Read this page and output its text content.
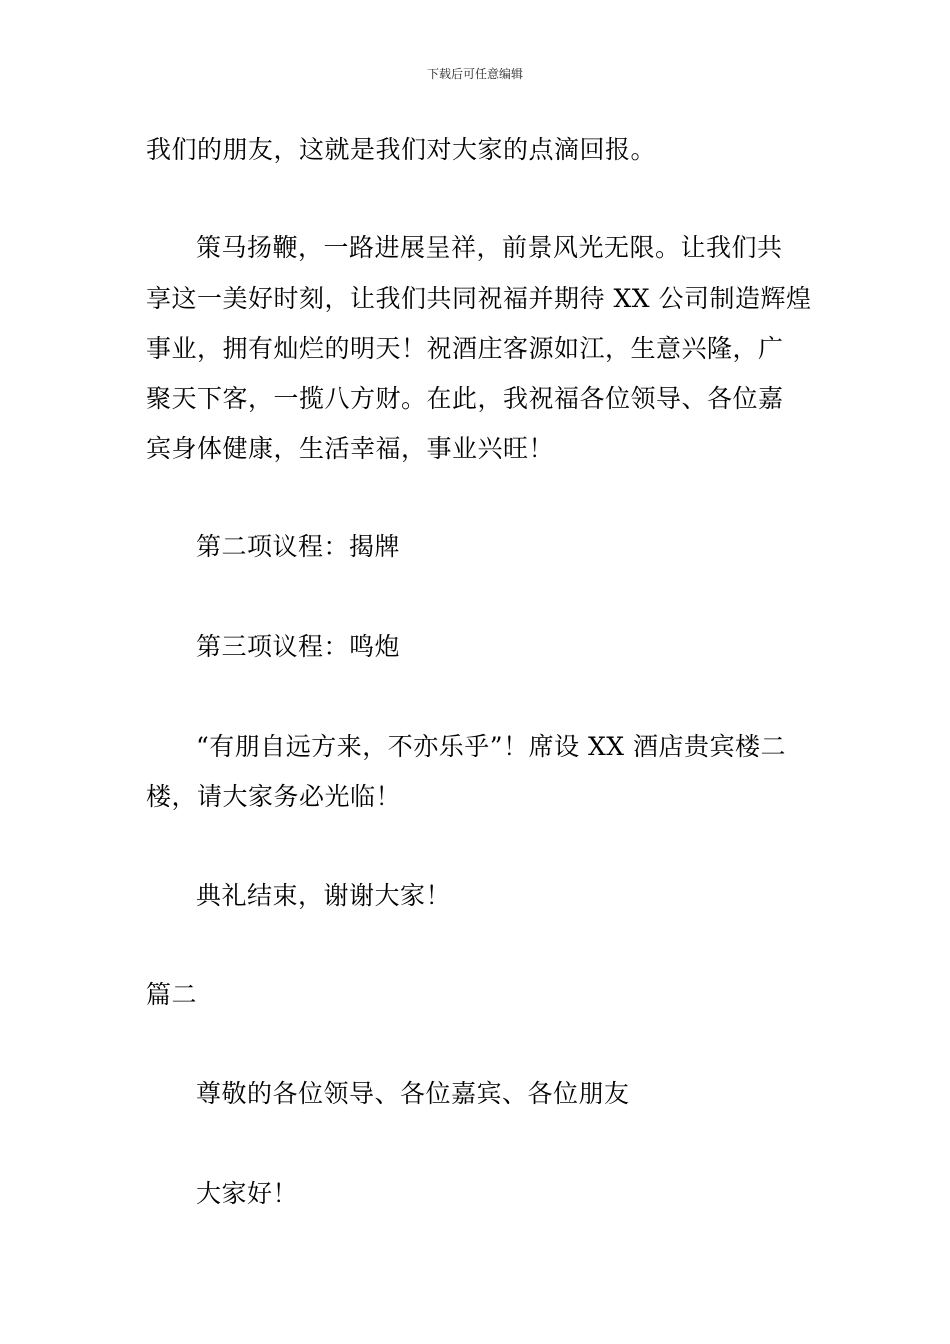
下载后可任意编辑
我们的朋友，这就是我们对大家的点滴回报。
策马扬鞭，一路进展呈祥，前景风光无限。让我们共
享这一美好时刻，让我们共同祝福并期待 XX 公司制造辉煌
事业，拥有灿烂的明天！祝酒庄客源如江，生意兴隆，广
聚天下客，一揽八方财。在此，我祝福各位领导、各位嘉
宾身体健康，生活幸福，事业兴旺！
第二项议程：揭牌
第三项议程：鸣炮
“有朋自远方来，不亦乐乎”！席设 XX 酒店贵宾楼二
楼，请大家务必光临！
典礼结束，谢谢大家！
篇二
尊敬的各位领导、各位嘉宾、各位朋友
大家好！
